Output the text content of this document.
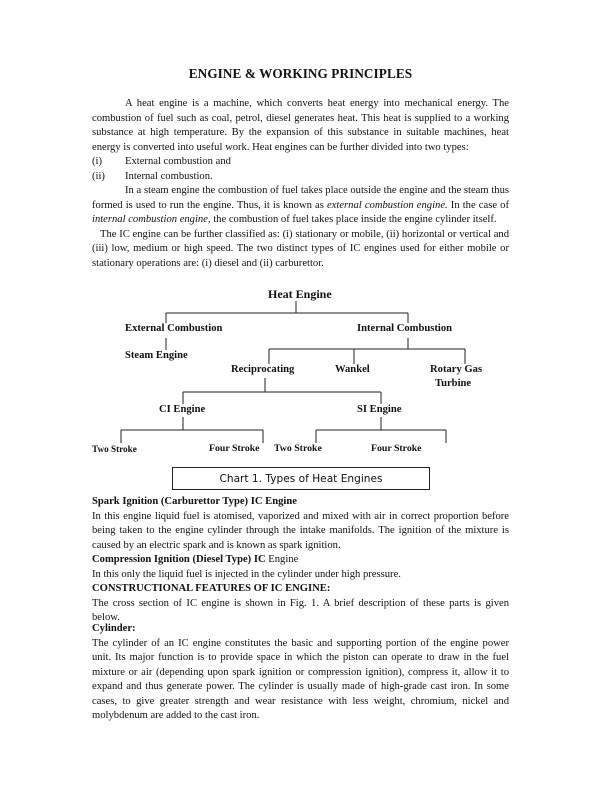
ENGINE & WORKING PRINCIPLES

A heat engine is a machine, which converts heat energy into mechanical energy. The combustion of fuel such as coal, petrol, diesel generates heat. This heat is supplied to a working substance at high temperature. By the expansion of this substance in suitable machines, heat energy is converted into useful work. Heat engines can be further divided into two types:

(i)	External combustion and
(ii)	Internal combustion.

In a steam engine the combustion of fuel takes place outside the engine and the steam thus formed is used to run the engine. Thus, it is known as external combustion engine. In the case of internal combustion engine, the combustion of fuel takes place inside the engine cylinder itself.

The IC engine can be further classified as: (i) stationary or mobile, (ii) horizontal or vertical and (iii) low, medium or high speed. The two distinct types of IC engines used for either mobile or stationary operations are: (i) diesel and (ii) carburettor.

Heat Engine
External Combustion	Internal Combustion
Steam Engine
Reciprocating	Wankel	Rotary Gas
Turbine
CI Engine	SI Engine
Two Stroke	Four Stroke Two Stroke	Four Stroke
Chart 1. Types of Heat Engines

Spark Ignition (Carburettor Type) IC Engine

In this engine liquid fuel is atomised, vaporized and mixed with air in correct proportion before being taken to the engine cylinder through the intake manifolds. The ignition of the mixture is caused by an electric spark and is known as spark ignition.

Compression Ignition (Diesel Type) IC Engine

In this only the liquid fuel is injected in the cylinder under high pressure.

CONSTRUCTIONAL FEATURES OF IC ENGINE:

The cross section of IC engine is shown in Fig. 1. A brief description of these parts is given below.

Cylinder:

The cylinder of an IC engine constitutes the basic and supporting portion of the engine power unit. Its major function is to provide space in which the piston can operate to draw in the fuel mixture or air (depending upon spark ignition or compression ignition), compress it, allow it to expand and thus generate power. The cylinder is usually made of high-grade cast iron. In some cases, to give greater strength and wear resistance with less weight, chromium, nickel and molybdenum are added to the cast iron.
